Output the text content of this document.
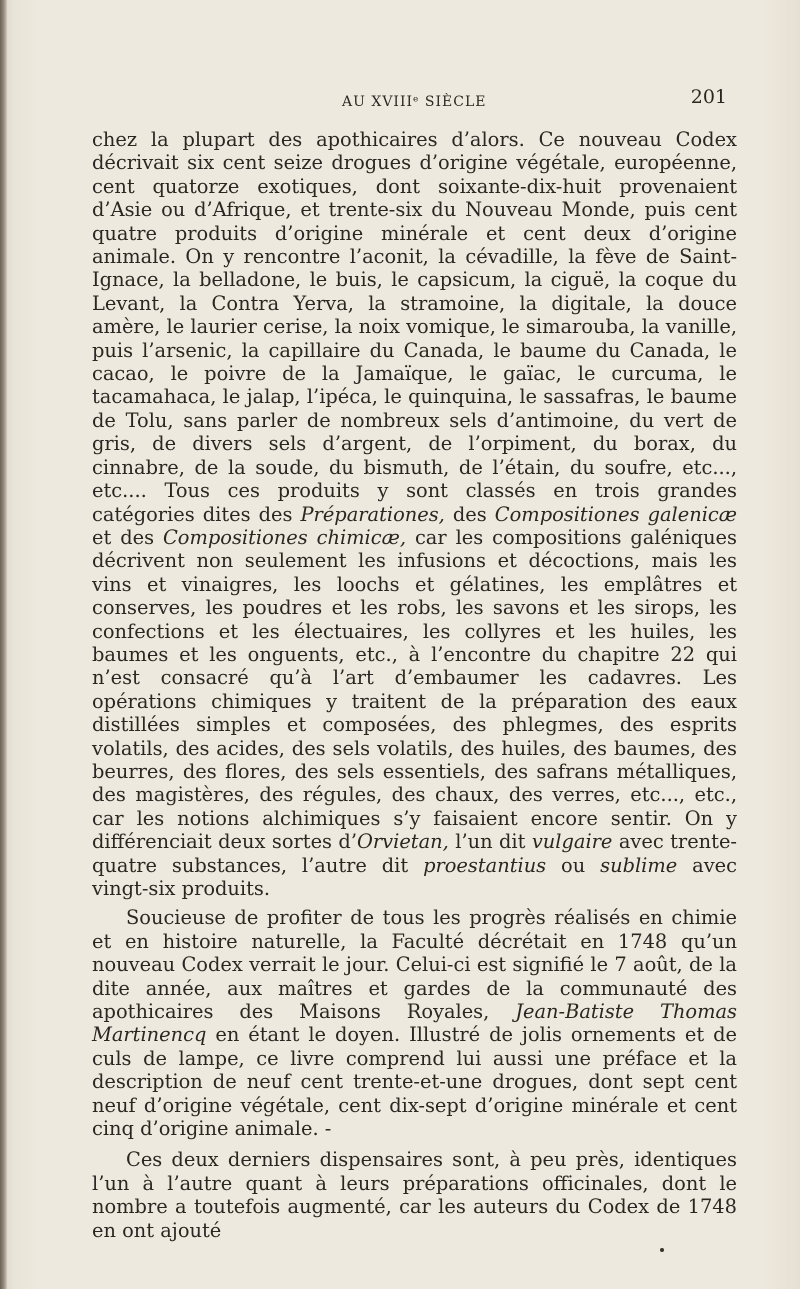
AU XVIIIᵉ SIÈCLE	201

chez la plupart des apothicaires d’alors. Ce nouveau Codex décrivait six cent seize drogues d’origine végétale, européenne, cent quatorze exotiques, dont soixante-dix-huit provenaient d’Asie ou d’Afrique, et trente-six du Nouveau Monde, puis cent quatre produits d’origine minérale et cent deux d’origine animale. On y rencontre l’aconit, la cévadille, la fève de Saint-Ignace, la belladone, le buis, le capsicum, la ciguë, la coque du Levant, la Contra Yerva, la stramoine, la digitale, la douce amère, le laurier cerise, la noix vomique, le simarouba, la vanille, puis l’arsenic, la capillaire du Canada, le baume du Canada, le cacao, le poivre de la Jamaïque, le gaïac, le curcuma, le tacamahaca, le jalap, l’ipéca, le quinquina, le sassafras, le baume de Tolu, sans parler de nombreux sels d’antimoine, du vert de gris, de divers sels d’argent, de l’orpiment, du borax, du cinnabre, de la soude, du bismuth, de l’étain, du soufre, etc..., etc.... Tous ces produits y sont classés en trois grandes catégories dites des Préparationes, des Compositiones galenicæ et des Compositiones chimicæ, car les compositions galéniques décrivent non seulement les infusions et décoctions, mais les vins et vinaigres, les loochs et gélatines, les emplâtres et conserves, les poudres et les robs, les savons et les sirops, les confections et les électuaires, les collyres et les huiles, les baumes et les onguents, etc., à l’encontre du chapitre 22 qui n’est consacré qu’à l’art d’embaumer les cadavres. Les opérations chimiques y traitent de la préparation des eaux distillées simples et composées, des phlegmes, des esprits volatils, des acides, des sels volatils, des huiles, des baumes, des beurres, des flores, des sels essentiels, des safrans métalliques, des magistères, des régules, des chaux, des verres, etc..., etc., car les notions alchimiques s’y faisaient encore sentir. On y différenciait deux sortes d’Orvietan, l’un dit vulgaire avec trente-quatre substances, l’autre dit proestantius ou sublime avec vingt-six produits.

Soucieuse de profiter de tous les progrès réalisés en chimie et en histoire naturelle, la Faculté décrétait en 1748 qu’un nouveau Codex verrait le jour. Celui-ci est signifié le 7 août, de la dite année, aux maîtres et gardes de la communauté des apothicaires des Maisons Royales, Jean-Batiste Thomas Martinencq en étant le doyen. Illustré de jolis ornements et de culs de lampe, ce livre comprend lui aussi une préface et la description de neuf cent trente-et-une drogues, dont sept cent neuf d’origine végétale, cent dix-sept d’origine minérale et cent cinq d’origine animale. -

Ces deux derniers dispensaires sont, à peu près, identiques l’un à l’autre quant à leurs préparations officinales, dont le nombre a toutefois augmenté, car les auteurs du Codex de 1748 en ont ajouté
